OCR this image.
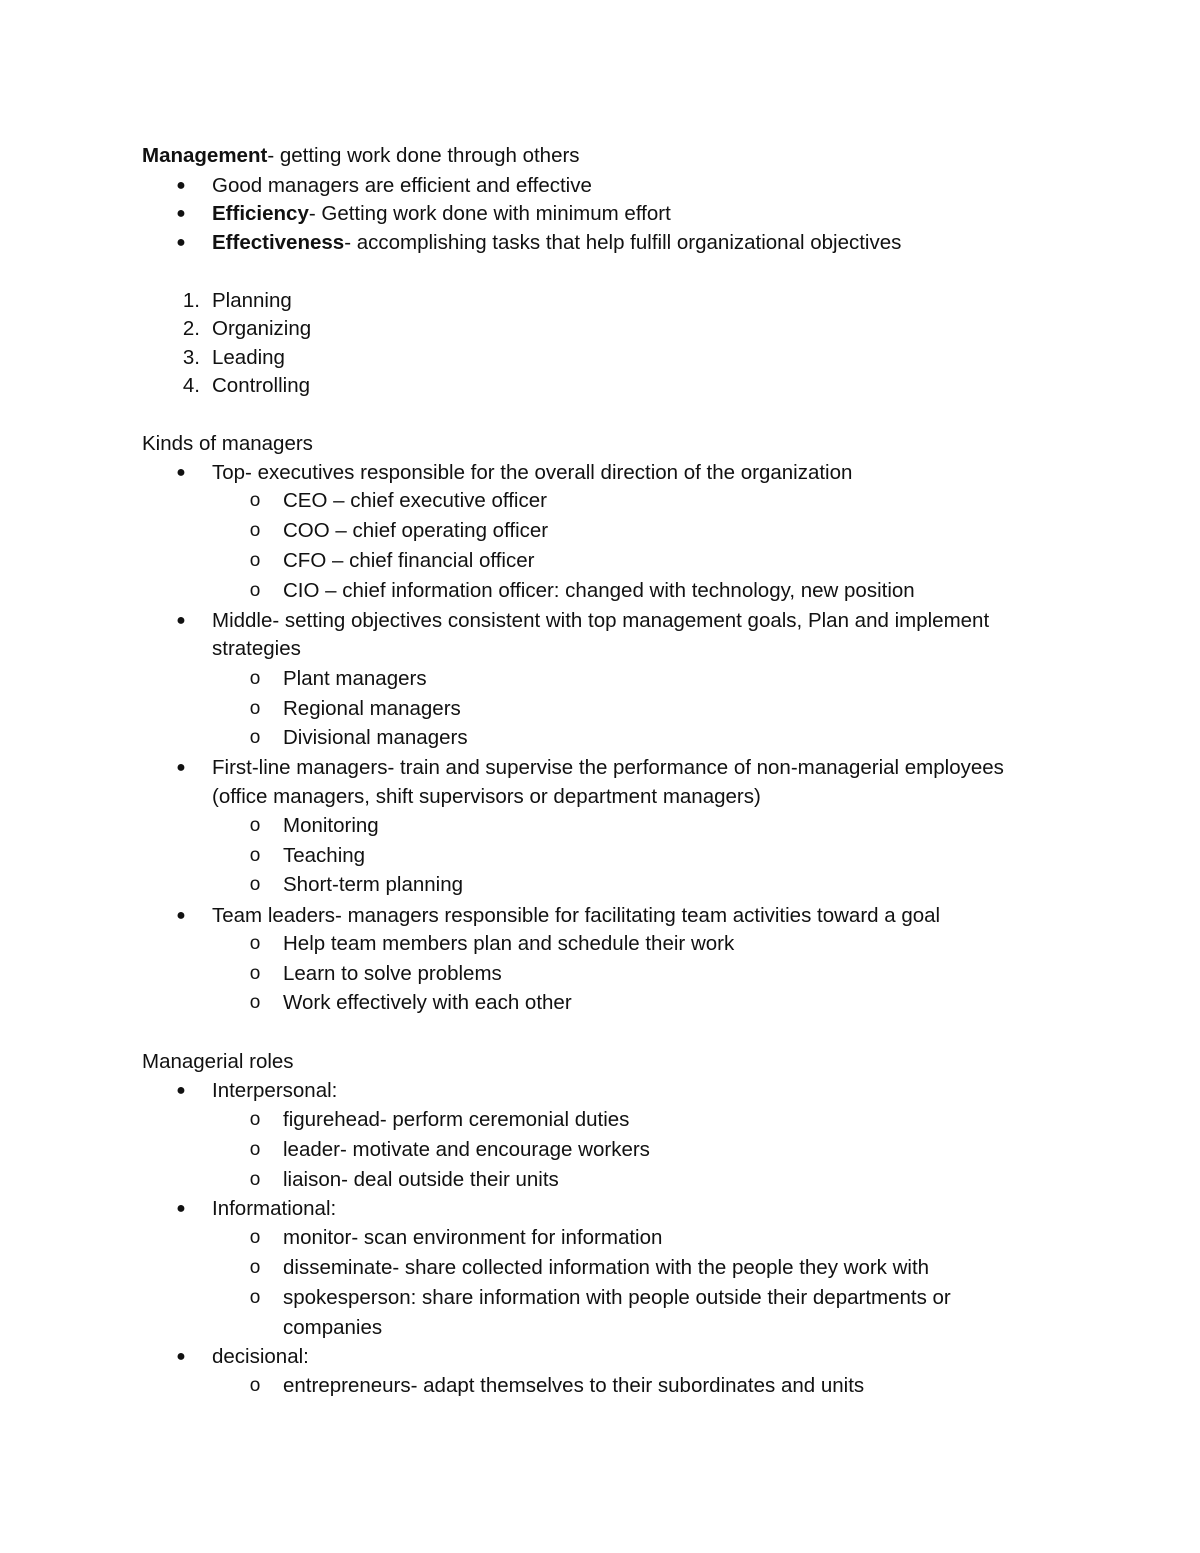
Management- getting work done through others
●	Good managers are efficient and effective
●	Efficiency- Getting work done with minimum effort
●	Effectiveness- accomplishing tasks that help fulfill organizational objectives
1. Planning
2. Organizing
3. Leading
4. Controlling
Kinds of managers
●	Top- executives responsible for the overall direction of the organization
o	CEO – chief executive officer
o	COO – chief operating officer
o	CFO – chief financial officer
o	CIO – chief information officer: changed with technology, new position
●	Middle- setting objectives consistent with top management goals, Plan and implement
strategies
o	Plant managers
o	Regional managers
o	Divisional managers
●	First-line managers- train and supervise the performance of non-managerial employees
(office managers, shift supervisors or department managers)
o	Monitoring
o	Teaching
o	Short-term planning
●	Team leaders- managers responsible for facilitating team activities toward a goal
o	Help team members plan and schedule their work
o	Learn to solve problems
o	Work effectively with each other
Managerial roles
●	Interpersonal:
o	figurehead- perform ceremonial duties
o	leader- motivate and encourage workers
o	liaison- deal outside their units
●	Informational:
o	monitor- scan environment for information
o	disseminate- share collected information with the people they work with
o	spokesperson: share information with people outside their departments or
companies
●	decisional:
o	entrepreneurs- adapt themselves to their subordinates and units
